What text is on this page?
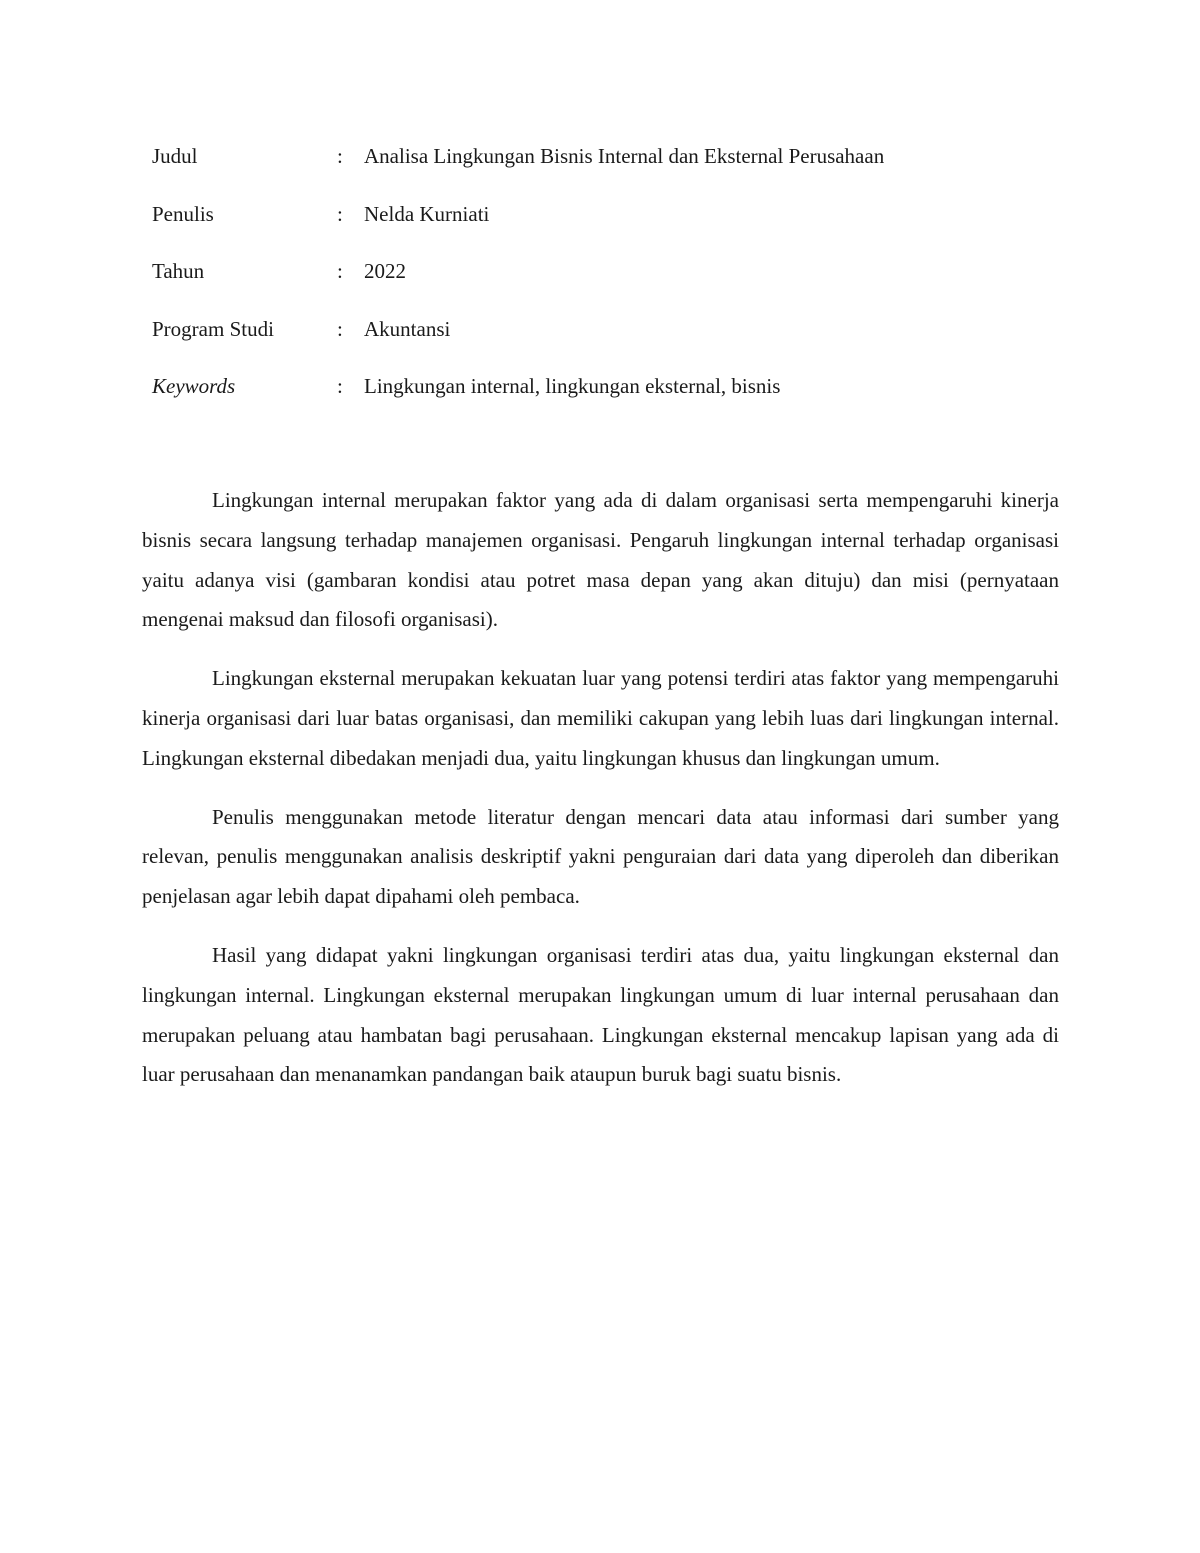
Judul	:	Analisa Lingkungan Bisnis Internal dan Eksternal Perusahaan
Penulis	:	Nelda Kurniati
Tahun	:	2022
Program Studi	:	Akuntansi
Keywords	:	Lingkungan internal, lingkungan eksternal, bisnis

Lingkungan internal merupakan faktor yang ada di dalam organisasi serta mempengaruhi kinerja bisnis secara langsung terhadap manajemen organisasi. Pengaruh lingkungan internal terhadap organisasi yaitu adanya visi (gambaran kondisi atau potret masa depan yang akan dituju) dan misi (pernyataan mengenai maksud dan filosofi organisasi).

Lingkungan eksternal merupakan kekuatan luar yang potensi terdiri atas faktor yang mempengaruhi kinerja organisasi dari luar batas organisasi, dan memiliki cakupan yang lebih luas dari lingkungan internal. Lingkungan eksternal dibedakan menjadi dua, yaitu lingkungan khusus dan lingkungan umum.

Penulis menggunakan metode literatur dengan mencari data atau informasi dari sumber yang relevan, penulis menggunakan analisis deskriptif yakni penguraian dari data yang diperoleh dan diberikan penjelasan agar lebih dapat dipahami oleh pembaca.

Hasil yang didapat yakni lingkungan organisasi terdiri atas dua, yaitu lingkungan eksternal dan lingkungan internal. Lingkungan eksternal merupakan lingkungan umum di luar internal perusahaan dan merupakan peluang atau hambatan bagi perusahaan. Lingkungan eksternal mencakup lapisan yang ada di luar perusahaan dan menanamkan pandangan baik ataupun buruk bagi suatu bisnis.
